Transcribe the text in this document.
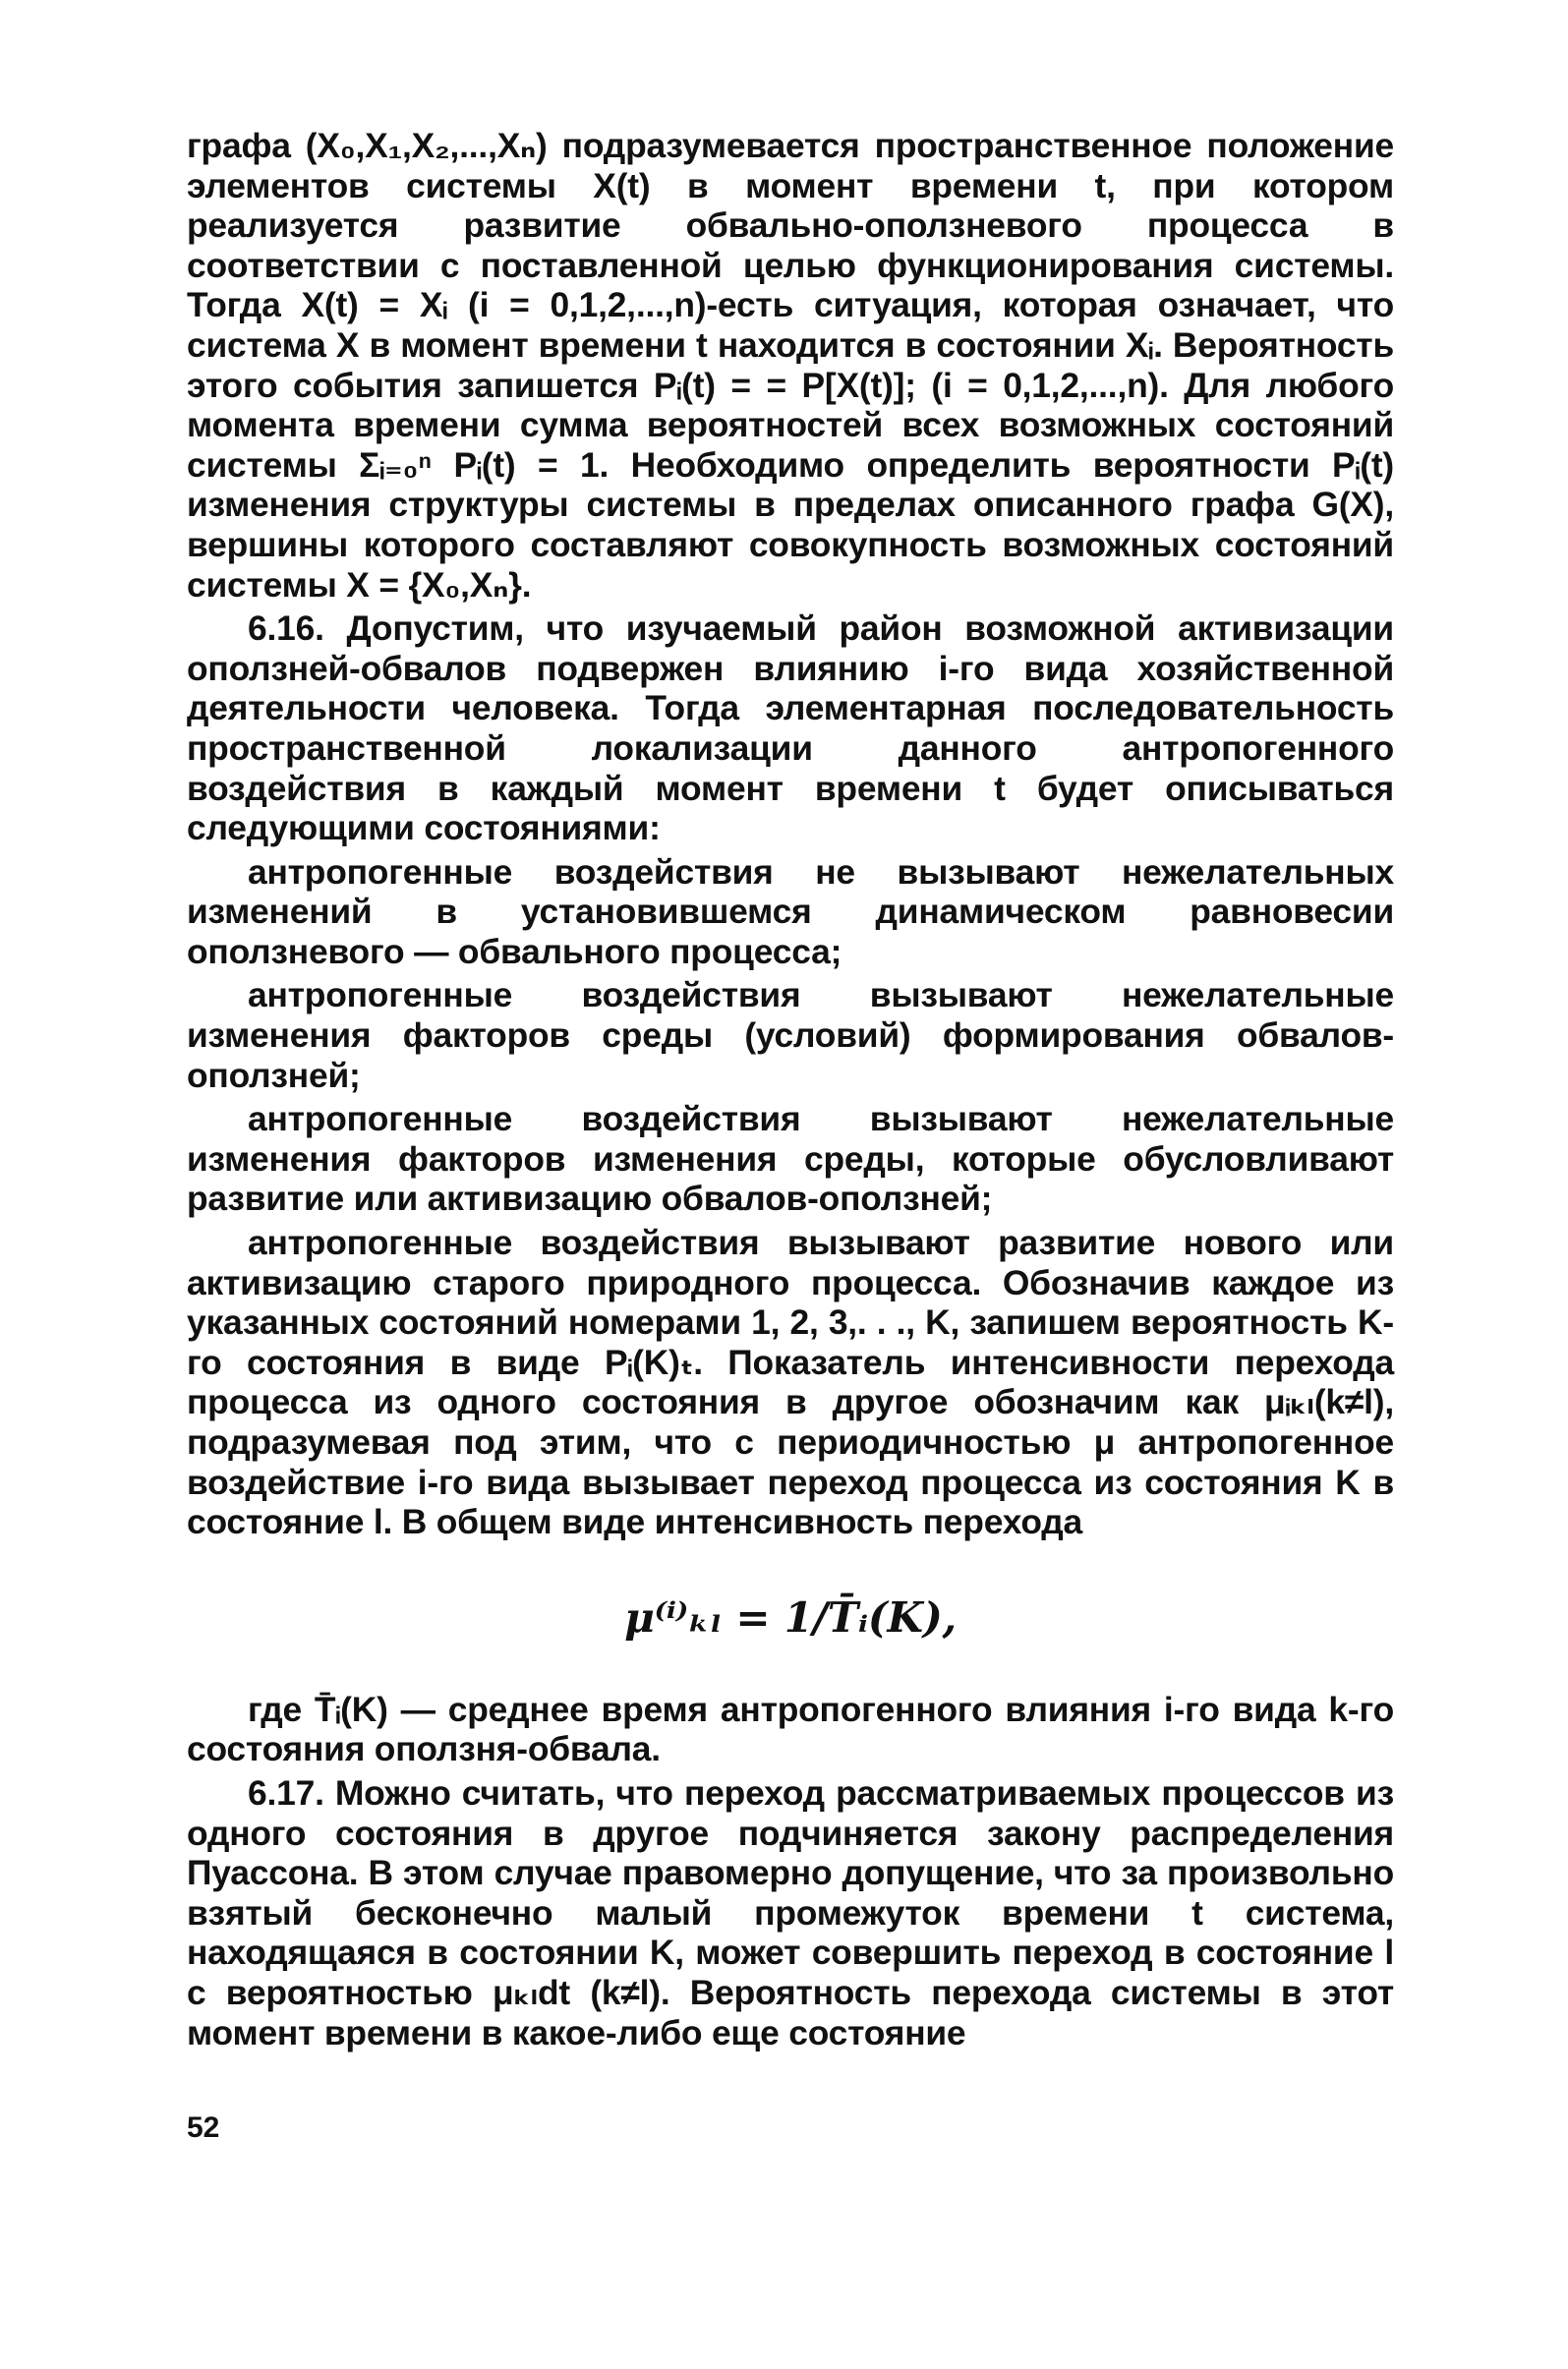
графа (X₀,X₁,X₂,...,Xₙ) подразумевается пространственное положение элементов системы X(t) в момент времени t, при котором реализуется развитие обвально-оползневого процесса в соответствии с поставленной целью функционирования системы. Тогда X(t) = Xᵢ (i = 0,1,2,...,n)-есть ситуация, которая означает, что система X в момент времени t находится в состоянии Xᵢ. Вероятность этого события запишется Pᵢ(t) = = P[X(t)]; (i = 0,1,2,...,n). Для любого момента времени сумма вероятностей всех возможных состояний системы Σᵢ₌₀ⁿ Pᵢ(t) = 1. Необходимо определить вероятности Pᵢ(t) изменения структуры системы в пределах описанного графа G(X), вершины которого составляют совокупность возможных состояний системы X = {X₀,Xₙ}.

6.16. Допустим, что изучаемый район возможной активизации оползней-обвалов подвержен влиянию i-го вида хозяйственной деятельности человека. Тогда элементарная последовательность пространственной локализации данного антропогенного воздействия в каждый момент времени t будет описываться следующими состояниями:

антропогенные воздействия не вызывают нежелательных изменений в установившемся динамическом равновесии оползневого — обвального процесса;

антропогенные воздействия вызывают нежелательные изменения факторов среды (условий) формирования обвалов-оползней;

антропогенные воздействия вызывают нежелательные изменения факторов изменения среды, которые обусловливают развитие или активизацию обвалов-оползней;

антропогенные воздействия вызывают развитие нового или активизацию старого природного процесса. Обозначив каждое из указанных состояний номерами 1, 2, 3,. . ., K, запишем вероятность K-го состояния в виде Pᵢ(K)ₜ. Показатель интенсивности перехода процесса из одного состояния в другое обозначим как μᵢₖₗ(k≠l), подразумевая под этим, что с периодичностью μ антропогенное воздействие i-го вида вызывает переход процесса из состояния K в состояние l. В общем виде интенсивность перехода

μ⁽ⁱ⁾ₖₗ = 1/T̄ᵢ(K),

где T̄ᵢ(K) — среднее время антропогенного влияния i-го вида k-го состояния оползня-обвала.

6.17. Можно считать, что переход рассматриваемых процессов из одного состояния в другое подчиняется закону распределения Пуассона. В этом случае правомерно допущение, что за произвольно взятый бесконечно малый промежуток времени t система, находящаяся в состоянии K, может совершить переход в состояние l с вероятностью μₖₗdt (k≠l). Вероятность перехода системы в этот момент времени в какое-либо еще состояние

52
